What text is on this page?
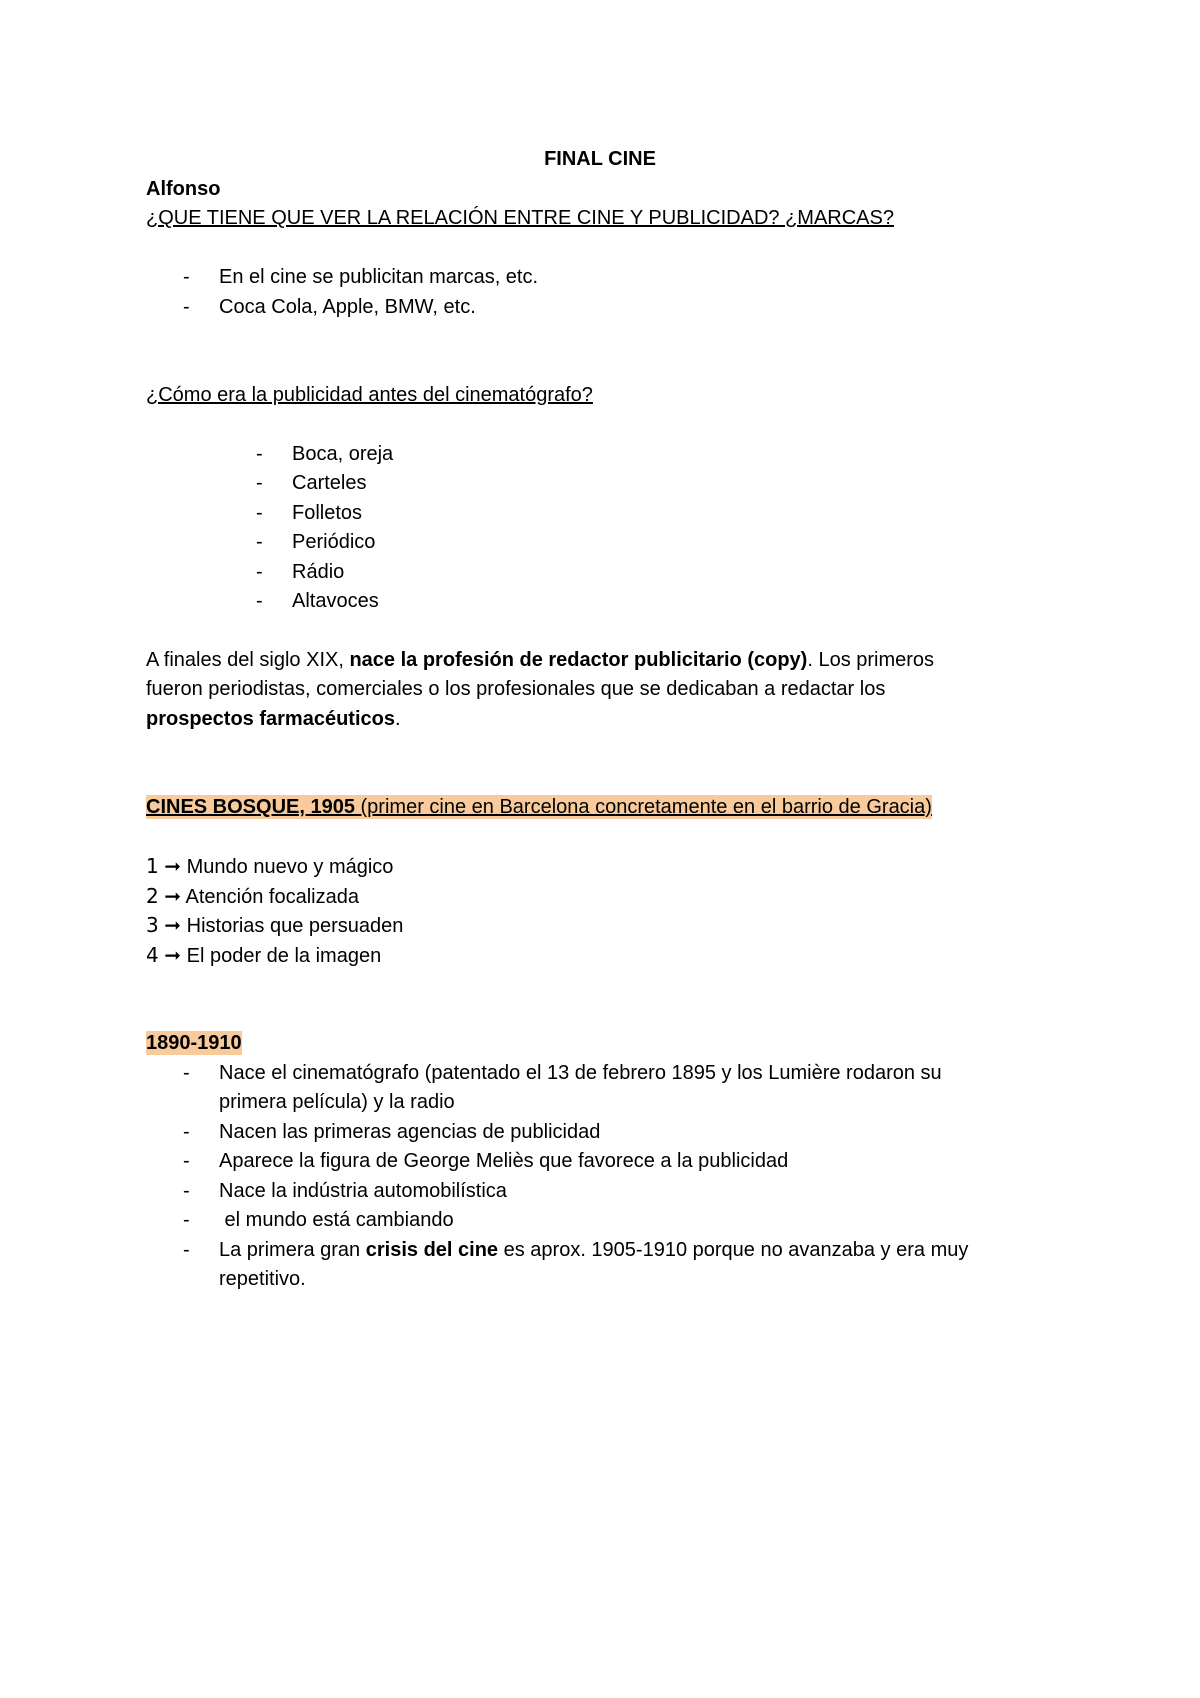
FINAL CINE
Alfonso
¿QUE TIENE QUE VER LA RELACIÓN ENTRE CINE Y PUBLICIDAD? ¿MARCAS?
- En el cine se publicitan marcas, etc.
- Coca Cola, Apple, BMW, etc.
¿Cómo era la publicidad antes del cinematógrafo?
- Boca, oreja
- Carteles
- Folletos
- Periódico
- Rádio
- Altavoces
A finales del siglo XIX, nace la profesión de redactor publicitario (copy). Los primeros
fueron periodistas, comerciales o los profesionales que se dedicaban a redactar los
prospectos farmacéuticos.
CINES BOSQUE, 1905 (primer cine en Barcelona concretamente en el barrio de Gracia)
1 ➞ Mundo nuevo y mágico
2 ➞ Atención focalizada
3 ➞ Historias que persuaden
4 ➞ El poder de la imagen
1890-1910
- Nace el cinematógrafo (patentado el 13 de febrero 1895 y los Lumière rodaron su
primera película) y la radio
- Nacen las primeras agencias de publicidad
- Aparece la figura de George Meliès que favorece a la publicidad
- Nace la indústria automobilística
- el mundo está cambiando
- La primera gran crisis del cine es aprox. 1905-1910 porque no avanzaba y era muy
repetitivo.
